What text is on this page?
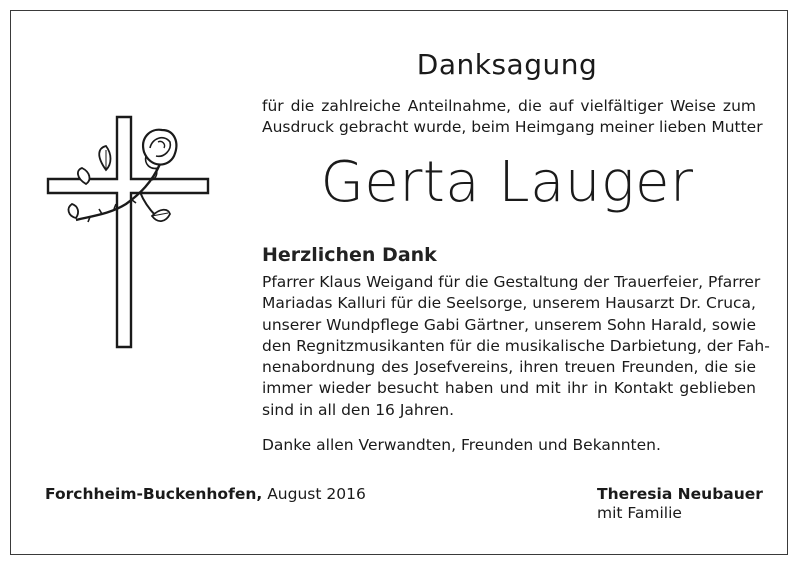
Danksagung
für die zahlreiche Anteilnahme, die auf vielfältiger Weise zum
Ausdruck gebracht wurde, beim Heimgang meiner lieben Mutter
Gerta Lauger
Herzlichen Dank
Pfarrer Klaus Weigand für die Gestaltung der Trauerfeier, Pfarrer
Mariadas Kalluri für die Seelsorge, unserem Hausarzt Dr. Cruca,
unserer Wundpflege Gabi Gärtner, unserem Sohn Harald, sowie
den Regnitzmusikanten für die musikalische Darbietung, der Fah-
nenabordnung des Josefvereins, ihren treuen Freunden, die sie
immer wieder besucht haben und mit ihr in Kontakt geblieben
sind in all den 16 Jahren.
Danke allen Verwandten, Freunden und Bekannten.
Forchheim-Buckenhofen, August 2016	Theresia Neubauer
mit Familie
